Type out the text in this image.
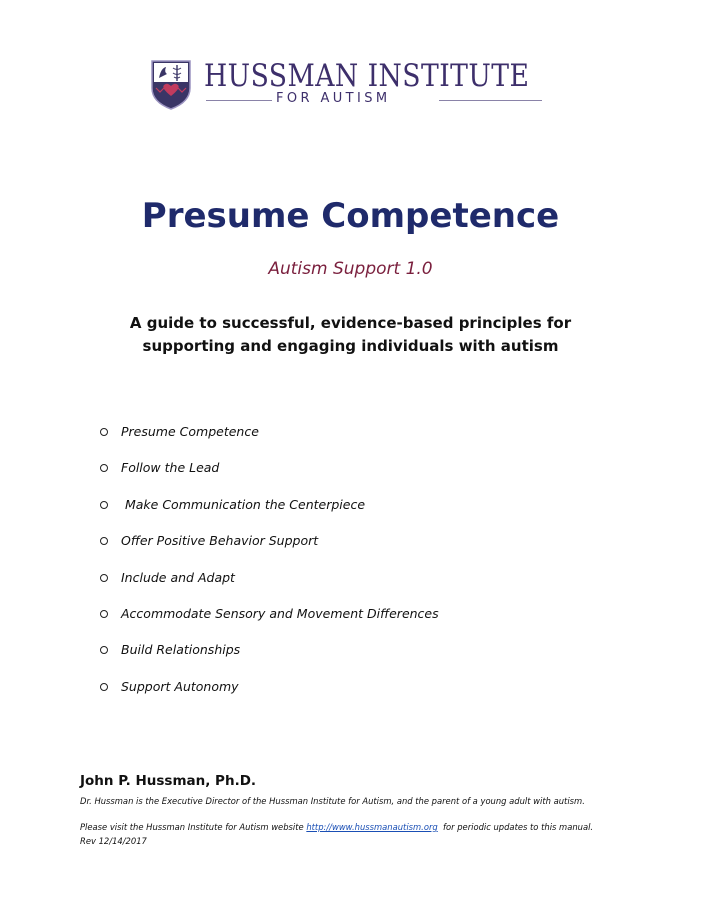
HUSSMAN INSTITUTE
FOR AUTISM
Presume Competence
Autism Support 1.0
A guide to successful, evidence-based principles for
supporting and engaging individuals with autism
Presume Competence
Follow the Lead
Make Communication the Centerpiece
Offer Positive Behavior Support
Include and Adapt
Accommodate Sensory and Movement Differences
Build Relationships
Support Autonomy
John P. Hussman, Ph.D.
Dr. Hussman is the Executive Director of the Hussman Institute for Autism, and the parent of a young adult with autism.
Please visit the Hussman Institute for Autism website http://www.hussmanautism.org  for periodic updates to this manual.
Rev 12/14/2017
